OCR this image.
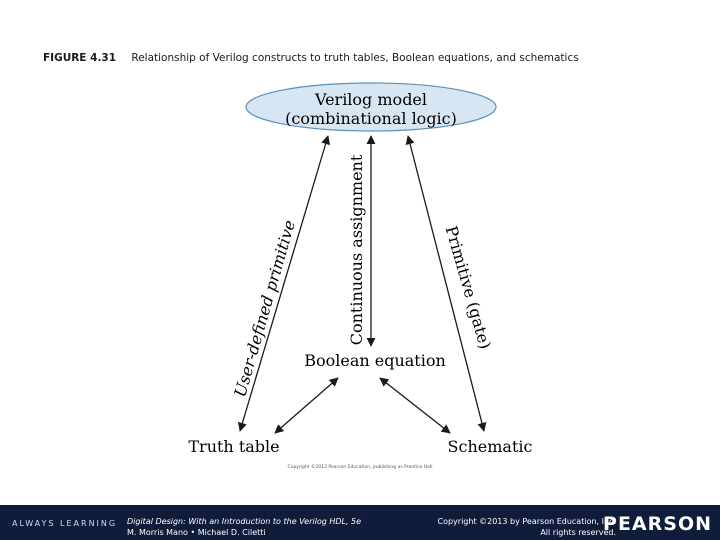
FIGURE 4.31 Relationship of Verilog constructs to truth tables, Boolean equations, and schematics
Verilog model
(combinational logic)
User-defined primitive	Continuous assignment	Primitive (gate)
Boolean equation
Truth table	Schematic
Copyright ©2013 Pearson Education, publishing as Prentice Hall
ALWAYS LEARNING Digital Design: With an Introduction to the Verilog HDL, 5e
M. Morris Mano • Michael D. Ciletti
Copyright ©2013 by Pearson Education, Inc.
All rights reserved.
PEARSON
